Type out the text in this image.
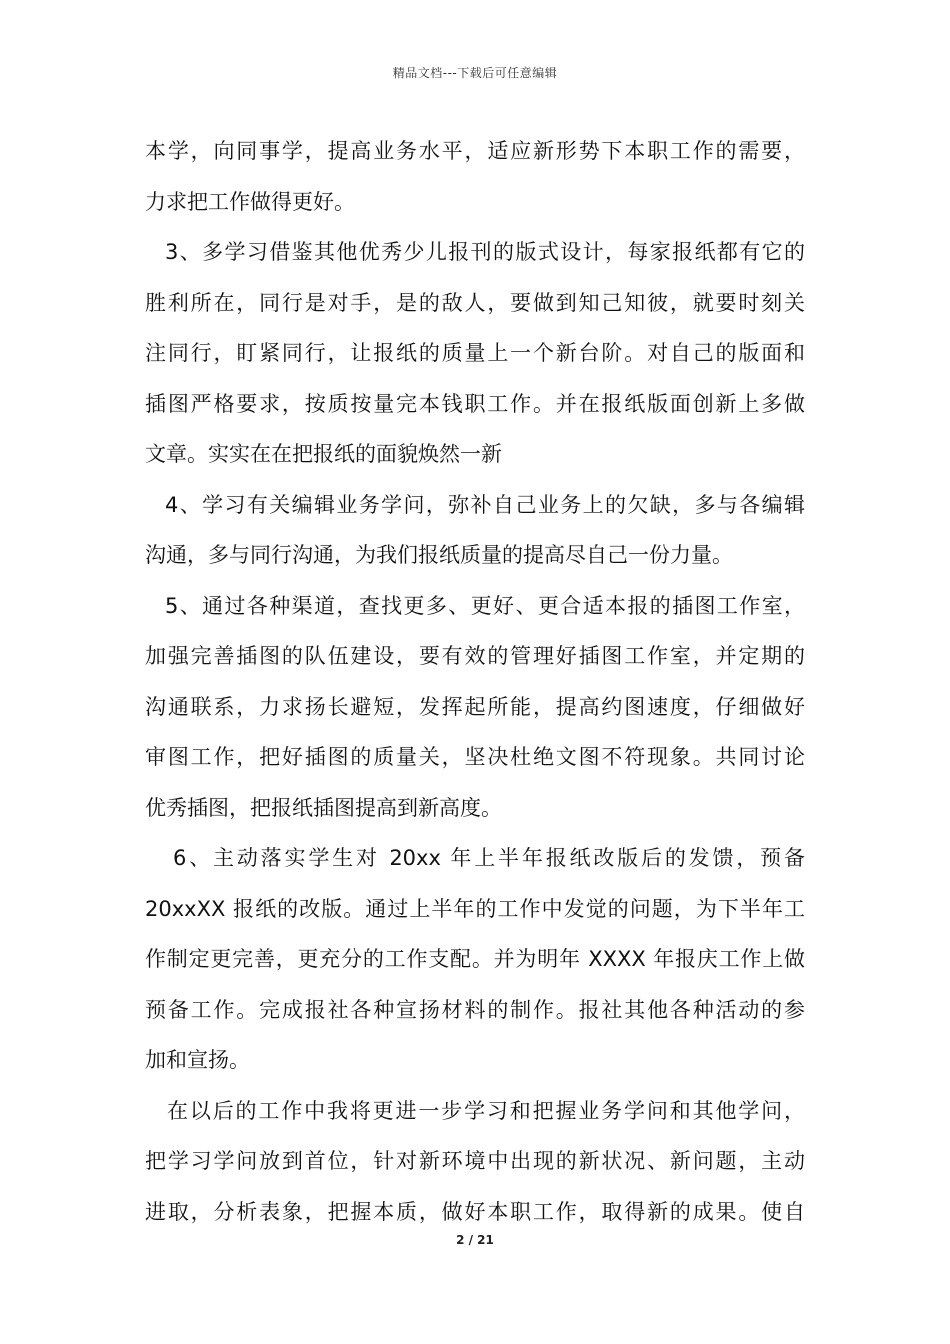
精品文档---下载后可任意编辑
本学，向同事学，提高业务水平，适应新形势下本职工作的需要，
力求把工作做得更好。
3、多学习借鉴其他优秀少儿报刊的版式设计，每家报纸都有它的
胜利所在，同行是对手，是的敌人，要做到知己知彼，就要时刻关
注同行，盯紧同行，让报纸的质量上一个新台阶。对自己的版面和
插图严格要求，按质按量完本钱职工作。并在报纸版面创新上多做
文章。实实在在把报纸的面貌焕然一新
4、学习有关编辑业务学问，弥补自己业务上的欠缺，多与各编辑
沟通，多与同行沟通，为我们报纸质量的提高尽自己一份力量。
5、通过各种渠道，查找更多、更好、更合适本报的插图工作室，
加强完善插图的队伍建设，要有效的管理好插图工作室，并定期的
沟通联系，力求扬长避短，发挥起所能，提高约图速度，仔细做好
审图工作，把好插图的质量关，坚决杜绝文图不符现象。共同讨论
优秀插图，把报纸插图提高到新高度。
6、主动落实学生对 20xx 年上半年报纸改版后的发馈，预备
20xxXX 报纸的改版。通过上半年的工作中发觉的问题，为下半年工
作制定更完善，更充分的工作支配。并为明年 XXXX 年报庆工作上做
预备工作。完成报社各种宣扬材料的制作。报社其他各种活动的参
加和宣扬。
在以后的工作中我将更进一步学习和把握业务学问和其他学问，
把学习学问放到首位，针对新环境中出现的新状况、新问题，主动
进取，分析表象，把握本质，做好本职工作，取得新的成果。使自
2 / 21
